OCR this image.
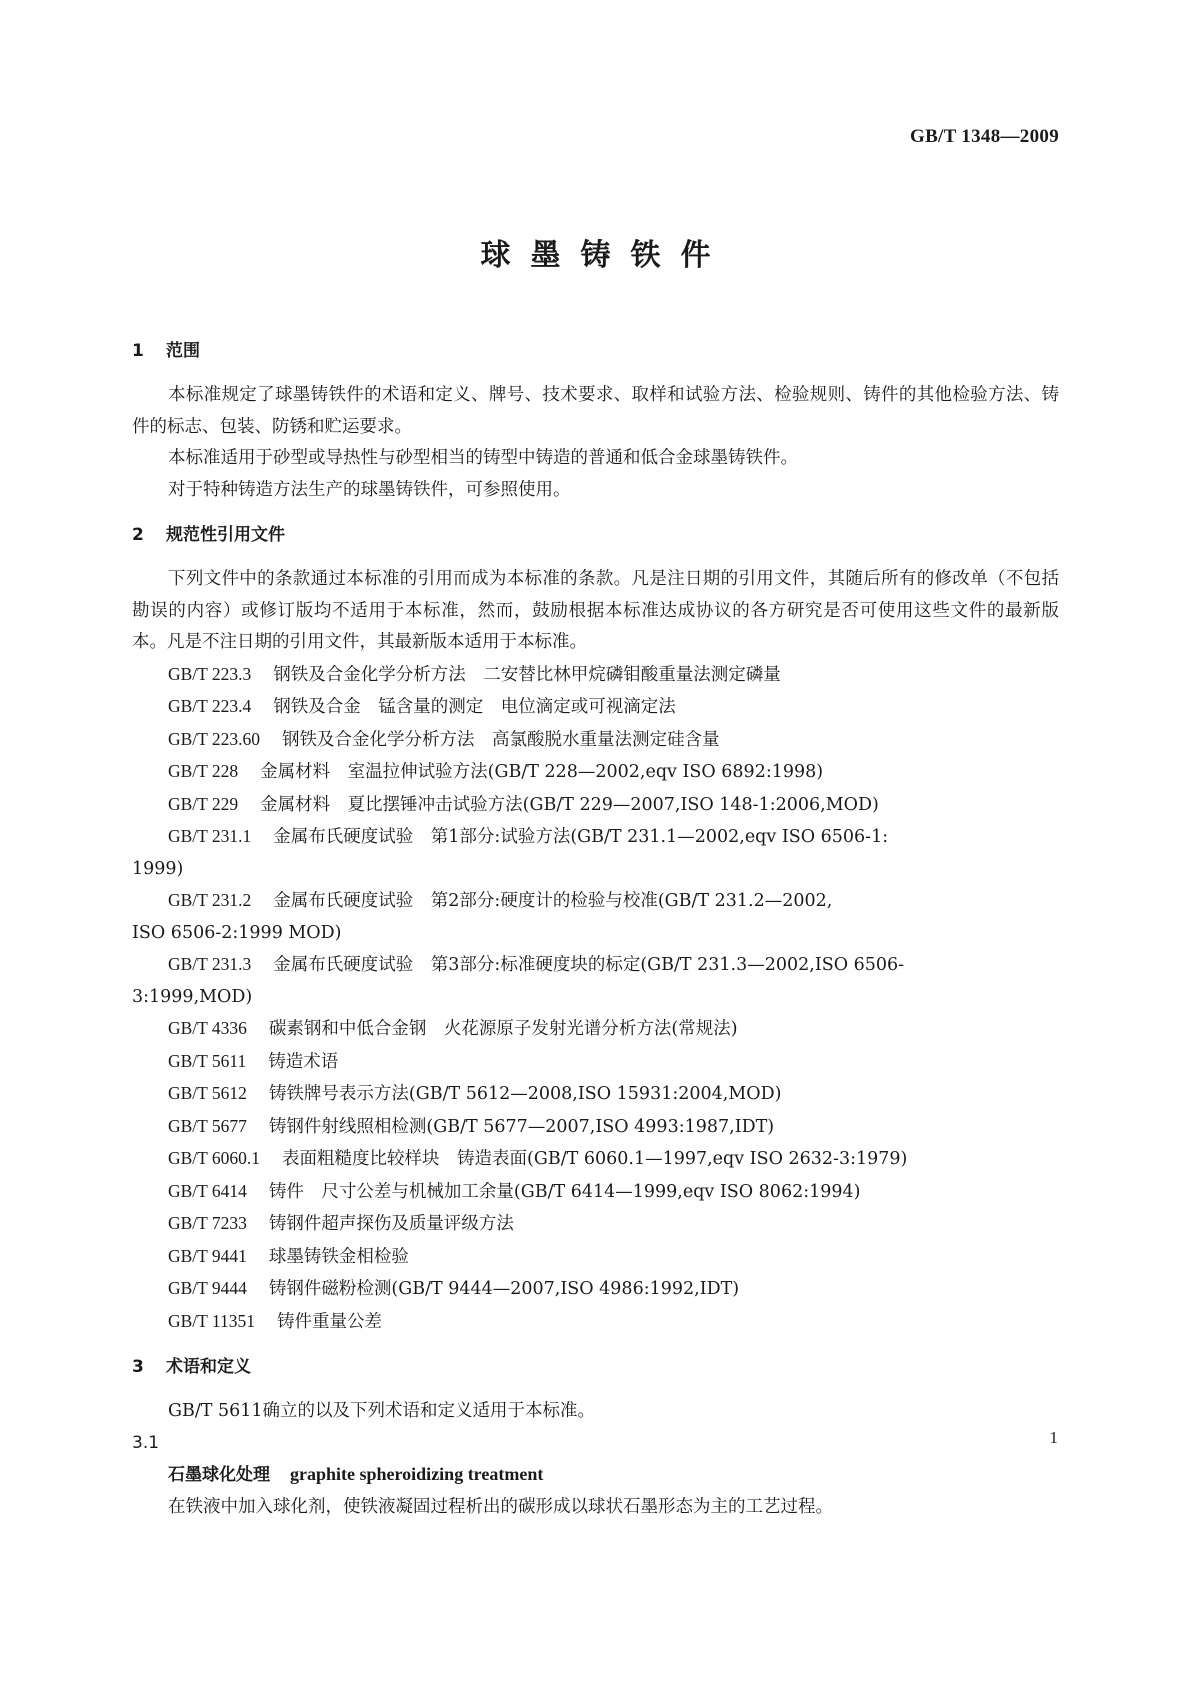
GB/T 1348—2009
球墨铸铁件
1 范围

本标准规定了球墨铸铁件的术语和定义、牌号、技术要求、取样和试验方法、检验规则、铸件的其他检验方法、铸件的标志、包装、防锈和贮运要求。

本标准适用于砂型或导热性与砂型相当的铸型中铸造的普通和低合金球墨铸铁件。

对于特种铸造方法生产的球墨铸铁件，可参照使用。

2 规范性引用文件

下列文件中的条款通过本标准的引用而成为本标准的条款。凡是注日期的引用文件，其随后所有的修改单（不包括勘误的内容）或修订版均不适用于本标准，然而，鼓励根据本标准达成协议的各方研究是否可使用这些文件的最新版本。凡是不注日期的引用文件，其最新版本适用于本标准。

GB/T 223.3 钢铁及合金化学分析方法　二安替比林甲烷磷钼酸重量法测定磷量
GB/T 223.4 钢铁及合金　锰含量的测定　电位滴定或可视滴定法
GB/T 223.60 钢铁及合金化学分析方法　高氯酸脱水重量法测定硅含量
GB/T 228 金属材料　室温拉伸试验方法(GB/T 228—2002,eqv ISO 6892:1998)
GB/T 229 金属材料　夏比摆锤冲击试验方法(GB/T 229—2007,ISO 148-1:2006,MOD)
GB/T 231.1 金属布氏硬度试验　第1部分:试验方法(GB/T 231.1—2002,eqv ISO 6506-1:
1999)
GB/T 231.2 金属布氏硬度试验　第2部分:硬度计的检验与校准(GB/T 231.2—2002,
ISO 6506-2:1999 MOD)
GB/T 231.3 金属布氏硬度试验　第3部分:标准硬度块的标定(GB/T 231.3—2002,ISO 6506-
3:1999,MOD)
GB/T 4336 碳素钢和中低合金钢　火花源原子发射光谱分析方法(常规法)
GB/T 5611 铸造术语
GB/T 5612 铸铁牌号表示方法(GB/T 5612—2008,ISO 15931:2004,MOD)
GB/T 5677 铸钢件射线照相检测(GB/T 5677—2007,ISO 4993:1987,IDT)
GB/T 6060.1 表面粗糙度比较样块　铸造表面(GB/T 6060.1—1997,eqv ISO 2632-3:1979)
GB/T 6414 铸件　尺寸公差与机械加工余量(GB/T 6414—1999,eqv ISO 8062:1994)
GB/T 7233 铸钢件超声探伤及质量评级方法
GB/T 9441 球墨铸铁金相检验
GB/T 9444 铸钢件磁粉检测(GB/T 9444—2007,ISO 4986:1992,IDT)
GB/T 11351 铸件重量公差
3 术语和定义

GB/T 5611确立的以及下列术语和定义适用于本标准。

3.1

石墨球化处理 graphite spheroidizing treatment

在铁液中加入球化剂，使铁液凝固过程析出的碳形成以球状石墨形态为主的工艺过程。

1
